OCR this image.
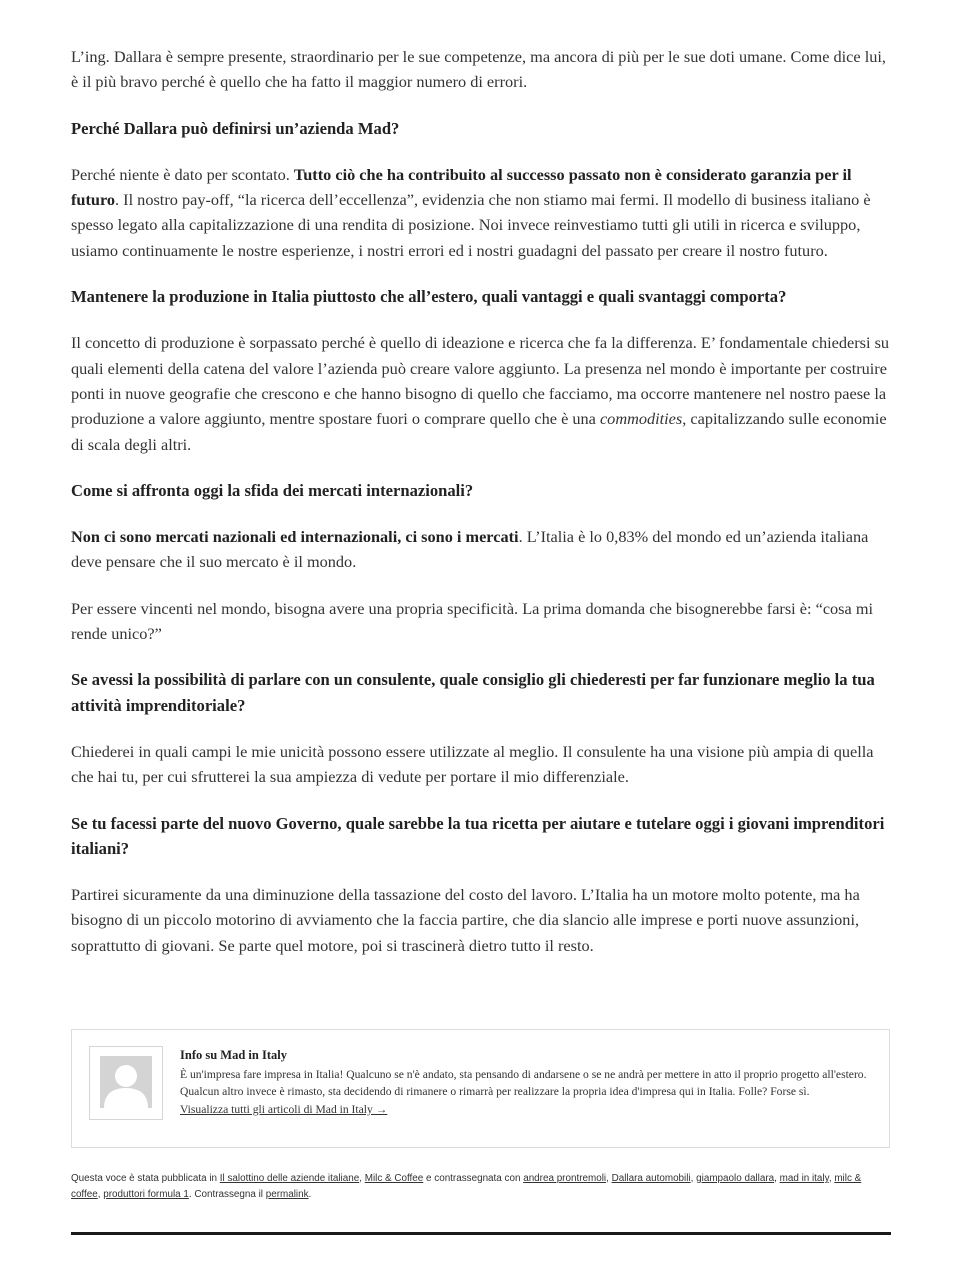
L’ing. Dallara è sempre presente, straordinario per le sue competenze, ma ancora di più per le sue doti umane. Come dice lui, è il più bravo perché è quello che ha fatto il maggior numero di errori.

Perché Dallara può definirsi un’azienda Mad?

Perché niente è dato per scontato. Tutto ciò che ha contribuito al successo passato non è considerato garanzia per il futuro. Il nostro pay-off, “la ricerca dell’eccellenza”, evidenzia che non stiamo mai fermi. Il modello di business italiano è spesso legato alla capitalizzazione di una rendita di posizione. Noi invece reinvestiamo tutti gli utili in ricerca e sviluppo, usiamo continuamente le nostre esperienze, i nostri errori ed i nostri guadagni del passato per creare il nostro futuro.

Mantenere la produzione in Italia piuttosto che all’estero, quali vantaggi e quali svantaggi comporta?

Il concetto di produzione è sorpassato perché è quello di ideazione e ricerca che fa la differenza. E’ fondamentale chiedersi su quali elementi della catena del valore l’azienda può creare valore aggiunto. La presenza nel mondo è importante per costruire ponti in nuove geografie che crescono e che hanno bisogno di quello che facciamo, ma occorre mantenere nel nostro paese la produzione a valore aggiunto, mentre spostare fuori o comprare quello che è una commodities, capitalizzando sulle economie di scala degli altri.

Come si affronta oggi la sfida dei mercati internazionali?

Non ci sono mercati nazionali ed internazionali, ci sono i mercati. L’Italia è lo 0,83% del mondo ed un’azienda italiana deve pensare che il suo mercato è il mondo.

Per essere vincenti nel mondo, bisogna avere una propria specificità. La prima domanda che bisognerebbe farsi è: “cosa mi rende unico?”

Se avessi la possibilità di parlare con un consulente, quale consiglio gli chiederesti per far funzionare meglio la tua attività imprenditoriale?

Chiederei in quali campi le mie unicità possono essere utilizzate al meglio. Il consulente ha una visione più ampia di quella che hai tu, per cui sfrutterei la sua ampiezza di vedute per portare il mio differenziale.

Se tu facessi parte del nuovo Governo, quale sarebbe la tua ricetta per aiutare e tutelare oggi i giovani imprenditori italiani?

Partirei sicuramente da una diminuzione della tassazione del costo del lavoro. L’Italia ha un motore molto potente, ma ha bisogno di un piccolo motorino di avviamento che la faccia partire, che dia slancio alle imprese e porti nuove assunzioni, soprattutto di giovani. Se parte quel motore, poi si trascinerà dietro tutto il resto.

Info su Mad in Italy
È un'impresa fare impresa in Italia! Qualcuno se n'è andato, sta pensando di andarsene o se ne andrà per mettere in atto il proprio progetto all'estero. Qualcun altro invece è rimasto, sta decidendo di rimanere o rimarrà per realizzare la propria idea d'impresa qui in Italia. Folle? Forse sì.
Visualizza tutti gli articoli di Mad in Italy →
Questa voce è stata pubblicata in Il salottino delle aziende italiane, Milc & Coffee e contrassegnata con andrea prontremoli, Dallara automobili, giampaolo dallara, mad in italy, milc & coffee, produttori formula 1. Contrassegna il permalink.
